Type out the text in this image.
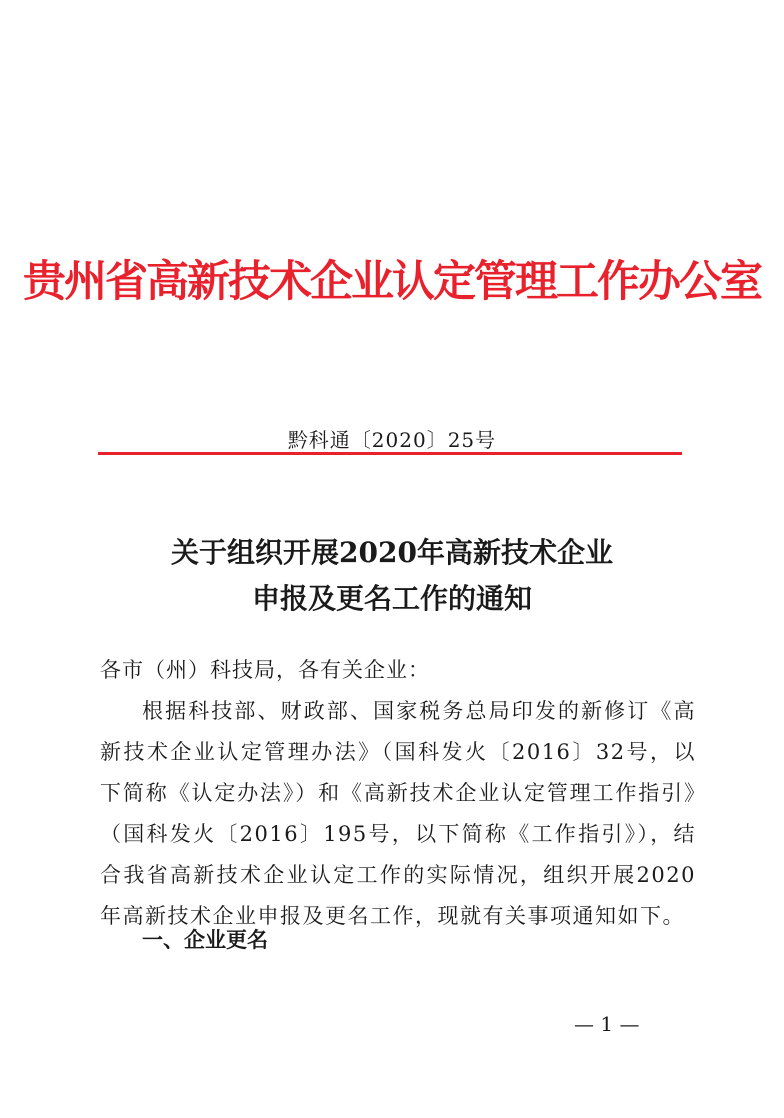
贵州省高新技术企业认定管理工作办公室
黔科通〔2020〕25号
关于组织开展2020年高新技术企业
申报及更名工作的通知

各市（州）科技局，各有关企业：

根据科技部、财政部、国家税务总局印发的新修订《高新技术企业认定管理办法》（国科发火〔2016〕32号，以下简称《认定办法》）和《高新技术企业认定管理工作指引》（国科发火〔2016〕195号，以下简称《工作指引》），结合我省高新技术企业认定工作的实际情况，组织开展2020年高新技术企业申报及更名工作，现就有关事项通知如下。

一、企业更名
— 1 —
